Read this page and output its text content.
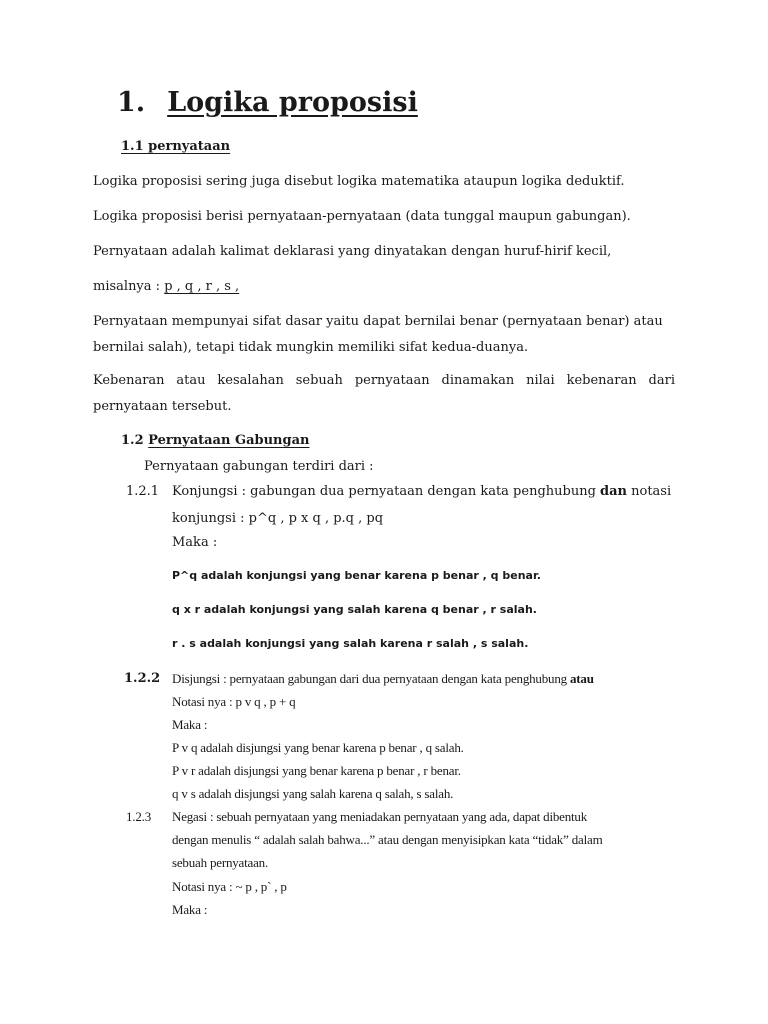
1. Logika proposisi
1.1 pernyataan
Logika proposisi sering juga disebut logika matematika ataupun logika deduktif.
Logika proposisi berisi pernyataan-pernyataan (data tunggal maupun gabungan).
Pernyataan adalah kalimat deklarasi yang dinyatakan dengan huruf-hirif kecil,
misalnya : p , q , r , s ,
Pernyataan mempunyai sifat dasar yaitu dapat bernilai benar (pernyataan benar) atau bernilai salah), tetapi tidak mungkin memiliki sifat kedua-duanya.
Kebenaran atau kesalahan sebuah pernyataan dinamakan nilai kebenaran dari pernyataan tersebut.
1.2 Pernyataan Gabungan
Pernyataan gabungan terdiri dari :
1.2.1 Konjungsi : gabungan dua pernyataan dengan kata penghubung dan notasi
konjungsi : p^q , p x q , p.q , pq
Maka :
P^q adalah konjungsi yang benar karena p benar , q benar.
q x r adalah konjungsi yang salah karena q benar , r salah.
r . s adalah konjungsi yang salah karena r salah , s salah.
1.2.2 Disjungsi : pernyataan gabungan dari dua pernyataan dengan kata penghubung atau
Notasi nya : p v q , p + q
Maka :
P v q adalah disjungsi yang benar karena p benar , q salah.
P v r adalah disjungsi yang benar karena p benar , r benar.
q v s adalah disjungsi yang salah karena q salah, s salah.
1.2.3 Negasi : sebuah pernyataan yang meniadakan pernyataan yang ada, dapat dibentuk
dengan menulis “ adalah salah bahwa...” atau dengan menyisipkan kata “tidak” dalam
sebuah pernyataan.
Notasi nya : ~ p , p` , p
Maka :
